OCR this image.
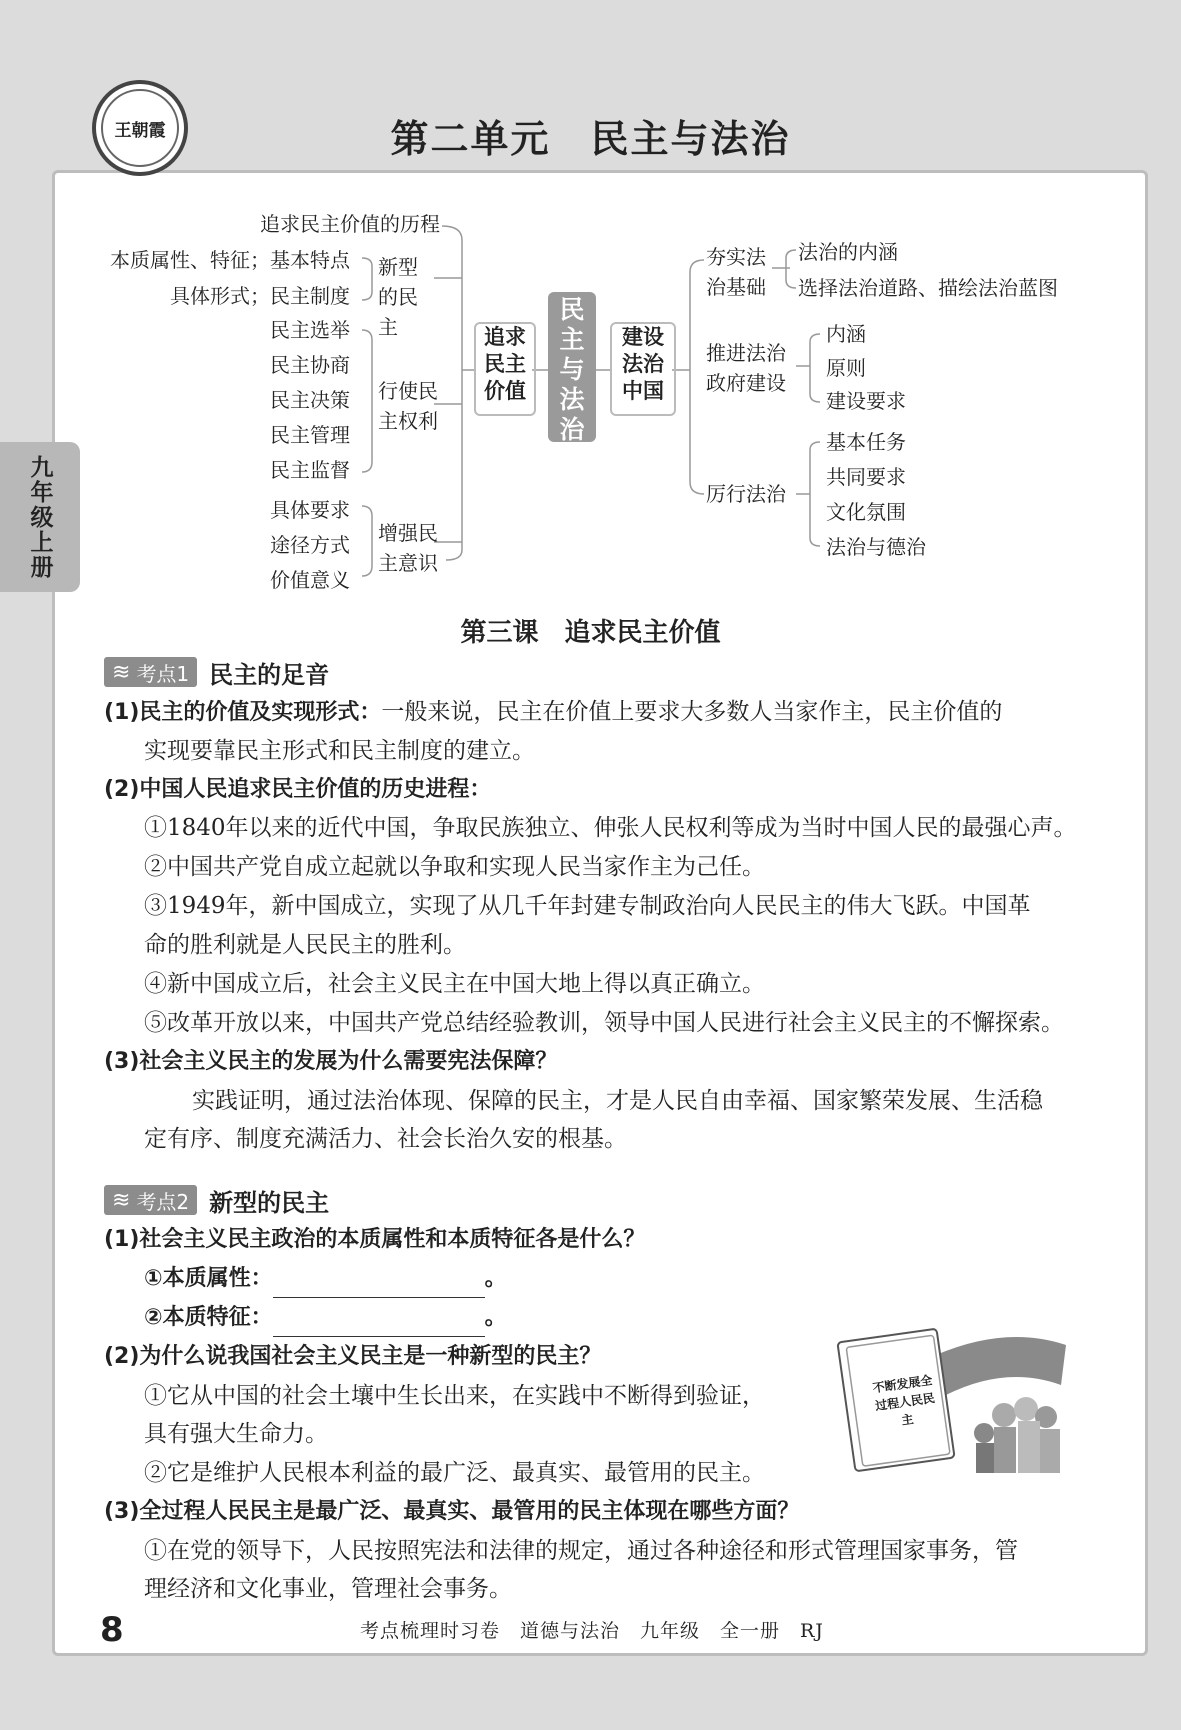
王朝霞	第二单元　民主与法治
九年级上册
追求民主价值的历程
本质属性、特征；基本特点
具体形式；民主制度
新型的民主
民主选举
民主协商
民主决策
民主管理
民主监督
行使民主权利
具体要求
途径方式
价值意义
增强民主意识
追求民主价值
民主与法治
建设法治中国
夯实法治基础
法治的内涵
选择法治道路、描绘法治蓝图
推进法治政府建设
内涵
原则
建设要求
厉行法治
基本任务
共同要求
文化氛围
法治与德治
第三课　追求民主价值
≋ 考点1 民主的足音
(1)民主的价值及实现形式：一般来说，民主在价值上要求大多数人当家作主，民主价值的
实现要靠民主形式和民主制度的建立。
(2)中国人民追求民主价值的历史进程：
①1840年以来的近代中国，争取民族独立、伸张人民权利等成为当时中国人民的最强心声。
②中国共产党自成立起就以争取和实现人民当家作主为己任。
③1949年，新中国成立，实现了从几千年封建专制政治向人民民主的伟大飞跃。中国革
命的胜利就是人民民主的胜利。
④新中国成立后，社会主义民主在中国大地上得以真正确立。
⑤改革开放以来，中国共产党总结经验教训，领导中国人民进行社会主义民主的不懈探索。
(3)社会主义民主的发展为什么需要宪法保障？
实践证明，通过法治体现、保障的民主，才是人民自由幸福、国家繁荣发展、生活稳
定有序、制度充满活力、社会长治久安的根基。
≋ 考点2 新型的民主
(1)社会主义民主政治的本质属性和本质特征各是什么？
①本质属性：	。
②本质特征：	。
(2)为什么说我国社会主义民主是一种新型的民主？
①它从中国的社会土壤中生长出来，在实践中不断得到验证，
具有强大生命力。
②它是维护人民根本利益的最广泛、最真实、最管用的民主。
(3)全过程人民民主是最广泛、最真实、最管用的民主体现在哪些方面？
①在党的领导下，人民按照宪法和法律的规定，通过各种途径和形式管理国家事务，管
理经济和文化事业，管理社会事务。
不断发展全过程人民民主
8	考点梳理时习卷　道德与法治　九年级　全一册　RJ
